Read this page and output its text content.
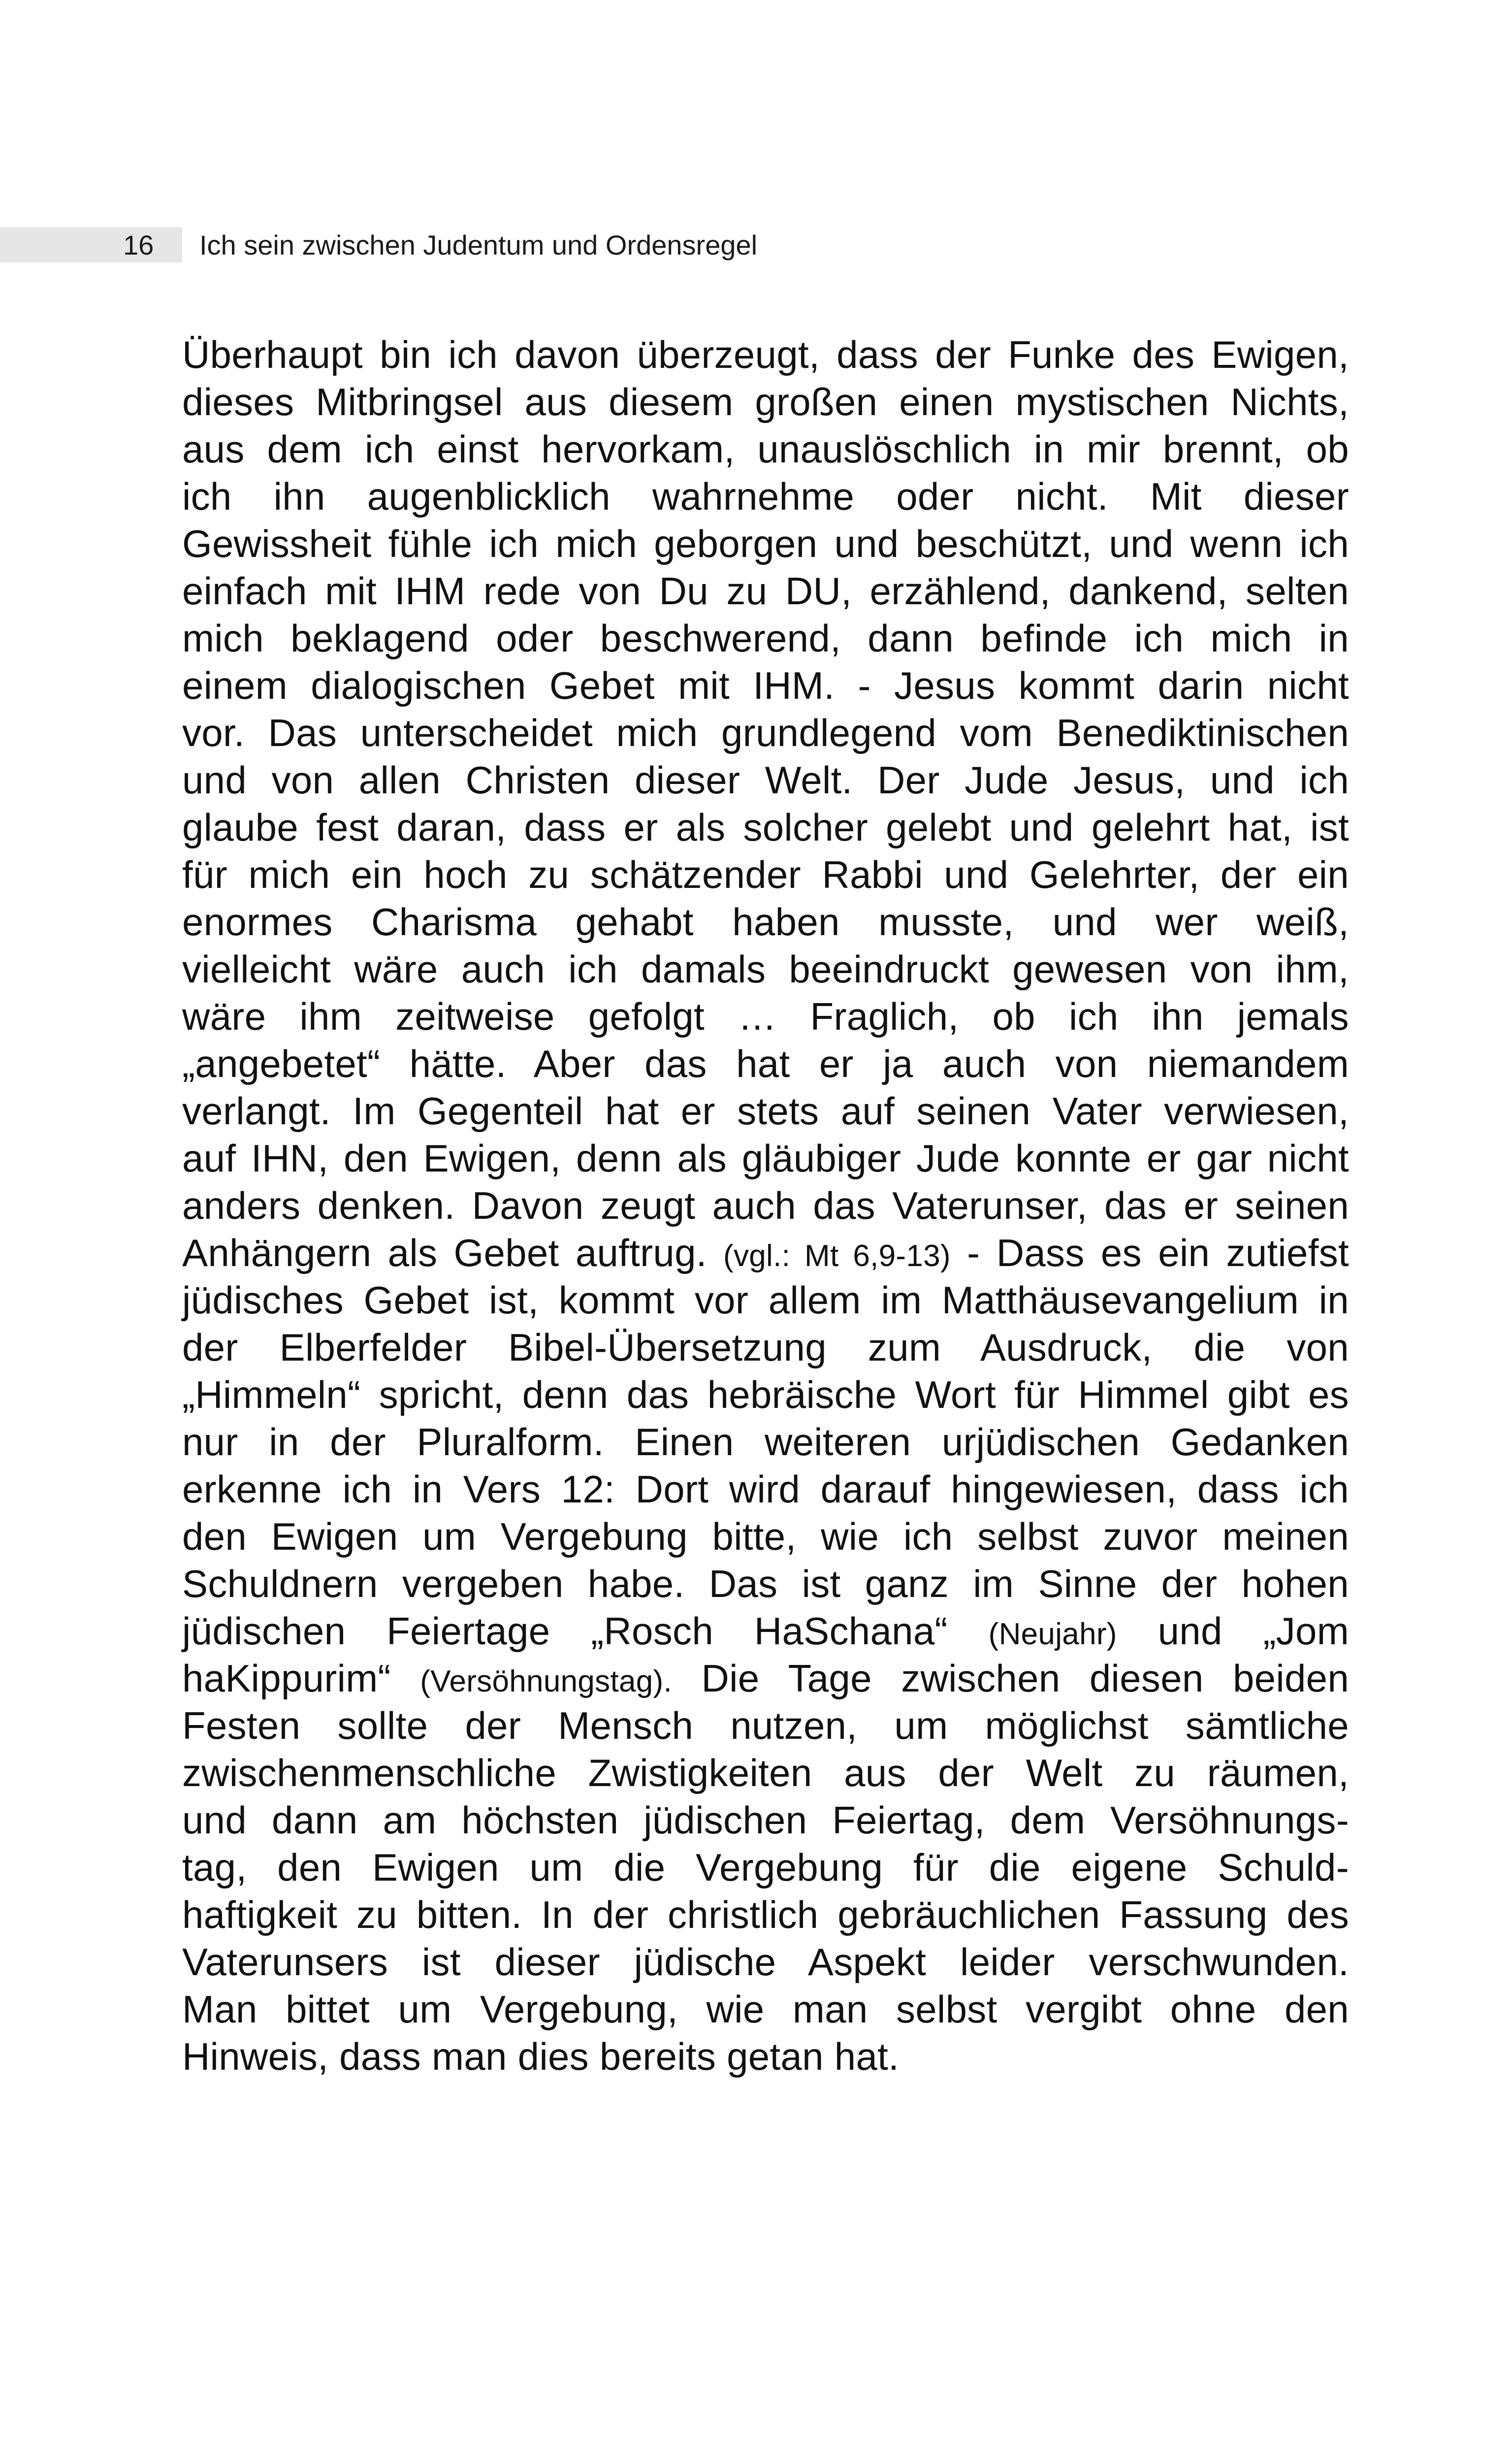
16 Ich sein zwischen Judentum und Ordensregel
Überhaupt bin ich davon überzeugt, dass der Funke des Ewigen,
dieses Mitbringsel aus diesem großen einen mystischen Nichts,
aus dem ich einst hervorkam, unauslöschlich in mir brennt, ob
ich ihn augenblicklich wahrnehme oder nicht. Mit dieser
Gewissheit fühle ich mich geborgen und beschützt, und wenn ich
einfach mit IHM rede von Du zu DU, erzählend, dankend, selten
mich beklagend oder beschwerend, dann befinde ich mich in
einem dialogischen Gebet mit IHM. - Jesus kommt darin nicht
vor. Das unterscheidet mich grundlegend vom Benediktinischen
und von allen Christen dieser Welt. Der Jude Jesus, und ich
glaube fest daran, dass er als solcher gelebt und gelehrt hat, ist
für mich ein hoch zu schätzender Rabbi und Gelehrter, der ein
enormes Charisma gehabt haben musste, und wer weiß,
vielleicht wäre auch ich damals beeindruckt gewesen von ihm,
wäre ihm zeitweise gefolgt … Fraglich, ob ich ihn jemals
„angebetet“ hätte. Aber das hat er ja auch von niemandem
verlangt. Im Gegenteil hat er stets auf seinen Vater verwiesen,
auf IHN, den Ewigen, denn als gläubiger Jude konnte er gar nicht
anders denken. Davon zeugt auch das Vaterunser, das er seinen
Anhängern als Gebet auftrug. (vgl.: Mt 6,9-13) - Dass es ein zutiefst
jüdisches Gebet ist, kommt vor allem im Matthäusevangelium in
der Elberfelder Bibel-Übersetzung zum Ausdruck, die von
„Himmeln“ spricht, denn das hebräische Wort für Himmel gibt es
nur in der Pluralform. Einen weiteren urjüdischen Gedanken
erkenne ich in Vers 12: Dort wird darauf hingewiesen, dass ich
den Ewigen um Vergebung bitte, wie ich selbst zuvor meinen
Schuldnern vergeben habe. Das ist ganz im Sinne der hohen
jüdischen Feiertage „Rosch HaSchana“ (Neujahr) und „Jom
haKippurim“ (Versöhnungstag). Die Tage zwischen diesen beiden
Festen sollte der Mensch nutzen, um möglichst sämtliche
zwischenmenschliche Zwistigkeiten aus der Welt zu räumen,
und dann am höchsten jüdischen Feiertag, dem Versöhnungs-
tag, den Ewigen um die Vergebung für die eigene Schuld-
haftigkeit zu bitten. In der christlich gebräuchlichen Fassung des
Vaterunsers ist dieser jüdische Aspekt leider verschwunden.
Man bittet um Vergebung, wie man selbst vergibt ohne den
Hinweis, dass man dies bereits getan hat.
